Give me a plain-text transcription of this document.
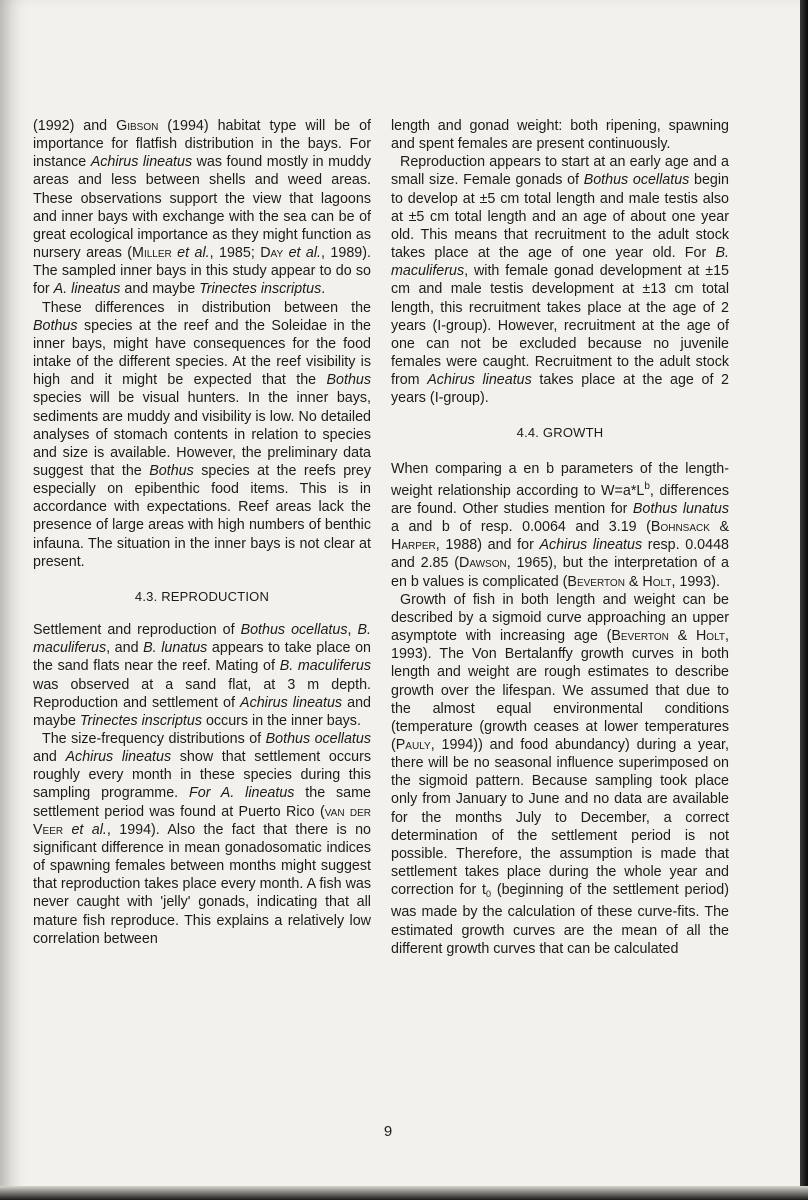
(1992) and Gibson (1994) habitat type will be of importance for flatfish distribution in the bays. For instance Achirus lineatus was found mostly in muddy areas and less between shells and weed areas. These observations support the view that lagoons and inner bays with exchange with the sea can be of great ecological importance as they might function as nursery areas (Miller et al., 1985; Day et al., 1989). The sampled inner bays in this study appear to do so for A. lineatus and maybe Trinectes inscriptus.

These differences in distribution between the Bothus species at the reef and the Soleidae in the inner bays, might have consequences for the food intake of the different species. At the reef visibility is high and it might be expected that the Bothus species will be visual hunters. In the inner bays, sediments are muddy and visibility is low. No detailed analyses of stomach contents in relation to species and size is available. However, the preliminary data suggest that the Bothus species at the reefs prey especially on epibenthic food items. This is in accordance with expectations. Reef areas lack the presence of large areas with high numbers of benthic infauna. The situation in the inner bays is not clear at present.

4.3. REPRODUCTION

Settlement and reproduction of Bothus ocellatus, B. maculiferus, and B. lunatus appears to take place on the sand flats near the reef. Mating of B. maculiferus was observed at a sand flat, at 3 m depth. Reproduction and settlement of Achirus lineatus and maybe Trinectes inscriptus occurs in the inner bays.

The size-frequency distributions of Bothus ocellatus and Achirus lineatus show that settlement occurs roughly every month in these species during this sampling programme. For A. lineatus the same settlement period was found at Puerto Rico (van der Veer et al., 1994). Also the fact that there is no significant difference in mean gonadosomatic indices of spawning females between months might suggest that reproduction takes place every month. A fish was never caught with 'jelly' gonads, indicating that all mature fish reproduce. This explains a relatively low correlation between

length and gonad weight: both ripening, spawning and spent females are present continuously.

Reproduction appears to start at an early age and a small size. Female gonads of Bothus ocellatus begin to develop at ±5 cm total length and male testis also at ±5 cm total length and an age of about one year old. This means that recruitment to the adult stock takes place at the age of one year old. For B. maculiferus, with female gonad development at ±15 cm and male testis development at ±13 cm total length, this recruitment takes place at the age of 2 years (I-group). However, recruitment at the age of one can not be excluded because no juvenile females were caught. Recruitment to the adult stock from Achirus lineatus takes place at the age of 2 years (I-group).

4.4. GROWTH

When comparing a en b parameters of the length-weight relationship according to $W=a*L^b$, differences are found. Other studies mention for Bothus lunatus a and b of resp. 0.0064 and 3.19 (Bohnsack & Harper, 1988) and for Achirus lineatus resp. 0.0448 and 2.85 (Dawson, 1965), but the interpretation of a en b values is complicated (Beverton & Holt, 1993).

Growth of fish in both length and weight can be described by a sigmoid curve approaching an upper asymptote with increasing age (Beverton & Holt, 1993). The Von Bertalanffy growth curves in both length and weight are rough estimates to describe growth over the lifespan. We assumed that due to the almost equal environmental conditions (temperature (growth ceases at lower temperatures (Pauly, 1994)) and food abundancy) during a year, there will be no seasonal influence superimposed on the sigmoid pattern. Because sampling took place only from January to June and no data are available for the months July to December, a correct determination of the settlement period is not possible. Therefore, the assumption is made that settlement takes place during the whole year and correction for $t_0$ (beginning of the settlement period) was made by the calculation of these curve-fits. The estimated growth curves are the mean of all the different growth curves that can be calculated

9
